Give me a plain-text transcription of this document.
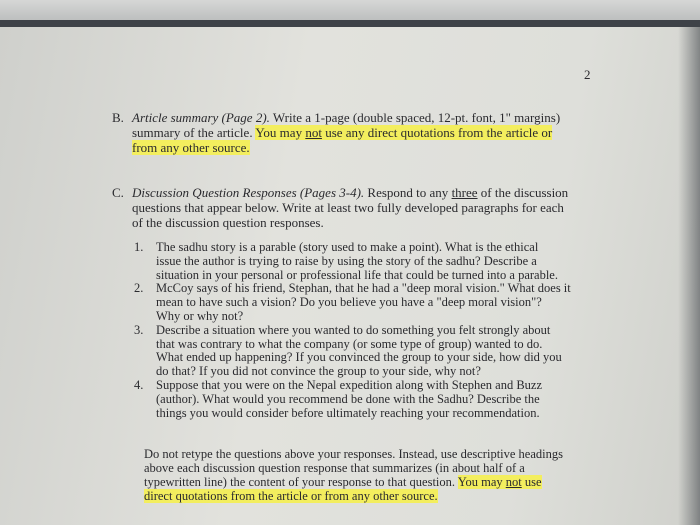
2
B. Article summary (Page 2). Write a 1-page (double spaced, 12-pt. font, 1" margins)
summary of the article. You may not use any direct quotations from the article or
from any other source.
C. Discussion Question Responses (Pages 3-4). Respond to any three of the discussion
questions that appear below. Write at least two fully developed paragraphs for each
of the discussion question responses.
1. The sadhu story is a parable (story used to make a point). What is the ethical
issue the author is trying to raise by using the story of the sadhu? Describe a
situation in your personal or professional life that could be turned into a parable.
2. McCoy says of his friend, Stephan, that he had a "deep moral vision." What does it
mean to have such a vision? Do you believe you have a "deep moral vision"?
Why or why not?
3. Describe a situation where you wanted to do something you felt strongly about
that was contrary to what the company (or some type of group) wanted to do.
What ended up happening? If you convinced the group to your side, how did you
do that? If you did not convince the group to your side, why not?
4. Suppose that you were on the Nepal expedition along with Stephen and Buzz
(author). What would you recommend be done with the Sadhu? Describe the
things you would consider before ultimately reaching your recommendation.
Do not retype the questions above your responses. Instead, use descriptive headings
above each discussion question response that summarizes (in about half of a
typewritten line) the content of your response to that question. You may not use
direct quotations from the article or from any other source.
